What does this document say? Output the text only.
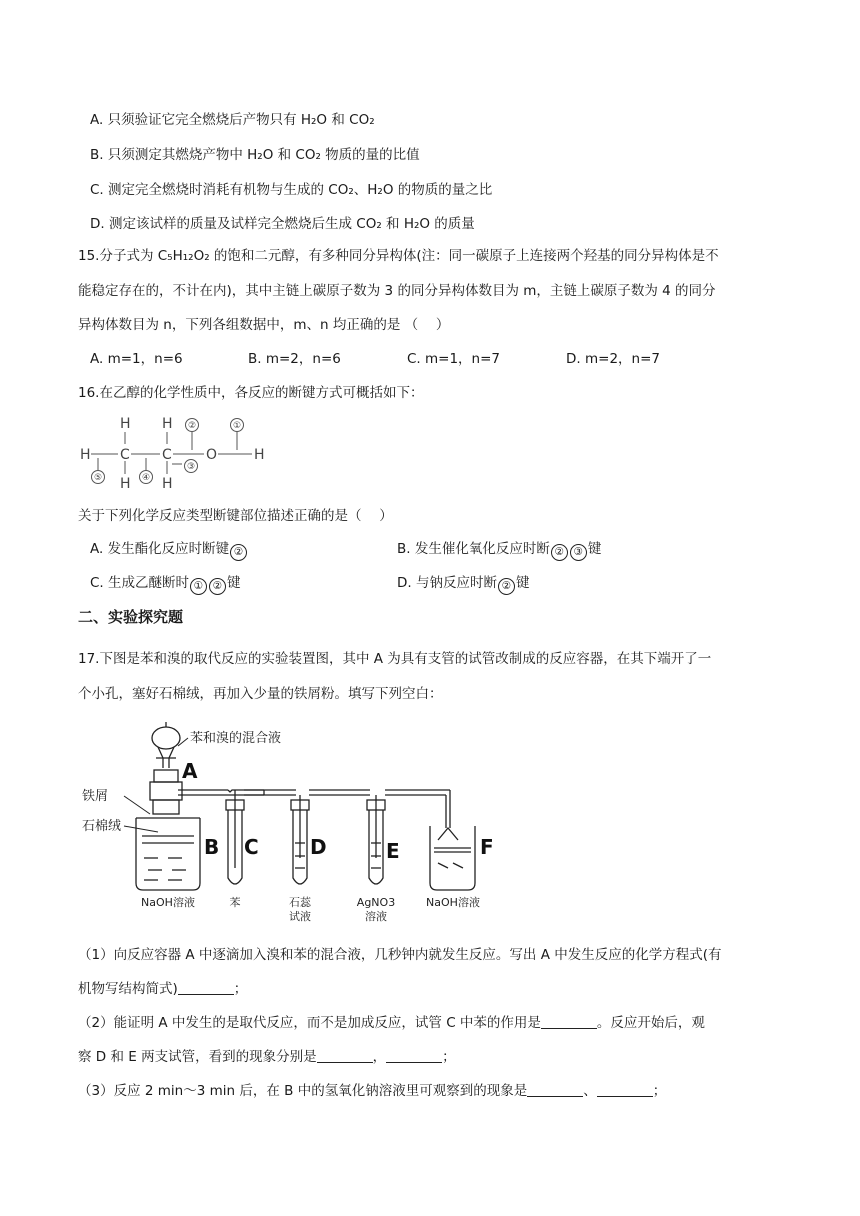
A. 只须验证它完全燃烧后产物只有 H₂O 和 CO₂
B. 只须测定其燃烧产物中 H₂O 和 CO₂ 物质的量的比值
C. 测定完全燃烧时消耗有机物与生成的 CO₂、H₂O 的物质的量之比
D. 测定该试样的质量及试样完全燃烧后生成 CO₂ 和 H₂O 的质量
15.分子式为 C₅H₁₂O₂ 的饱和二元醇，有多种同分异构体(注：同一碳原子上连接两个羟基的同分异构体是不
能稳定存在的，不计在内)，其中主链上碳原子数为 3 的同分异构体数目为 m，主链上碳原子数为 4 的同分
异构体数目为 n，下列各组数据中，m、n 均正确的是 （　 ）
A. m=1，n=6	B. m=2，n=6	C. m=1，n=7	D. m=2，n=7
16.在乙醇的化学性质中，各反应的断键方式可概括如下：
H C C O	H
H H
H H
①
②
③
④
⑤
关于下列化学反应类型断键部位描述正确的是（　 ）
A. 发生酯化反应时断键 ②	B. 发生催化氧化反应时断 ② ③ 键
C. 生成乙醚断时 ① ② 键	D. 与钠反应时断 ② 键
二、实验探究题
17.下图是苯和溴的取代反应的实验装置图，其中 A 为具有支管的试管改制成的反应容器，在其下端开了一
个小孔，塞好石棉绒，再加入少量的铁屑粉。填写下列空白：
苯和溴的混合液
铁屑
石棉绒
A
B C	D	E	F
NaOH溶液	苯	石蕊
试液
AgNO3
溶液
NaOH溶液
（1）向反应容器 A 中逐滴加入溴和苯的混合液，几秒钟内就发生反应。写出 A 中发生反应的化学方程式(有
机物写结构简式)	；
（2）能证明 A 中发生的是取代反应，而不是加成反应，试管 C 中苯的作用是	。反应开始后，观
察 D 和 E 两支试管，看到的现象分别是	，	；
（3）反应 2 min～3 min 后，在 B 中的氢氧化钠溶液里可观察到的现象是	、	；
